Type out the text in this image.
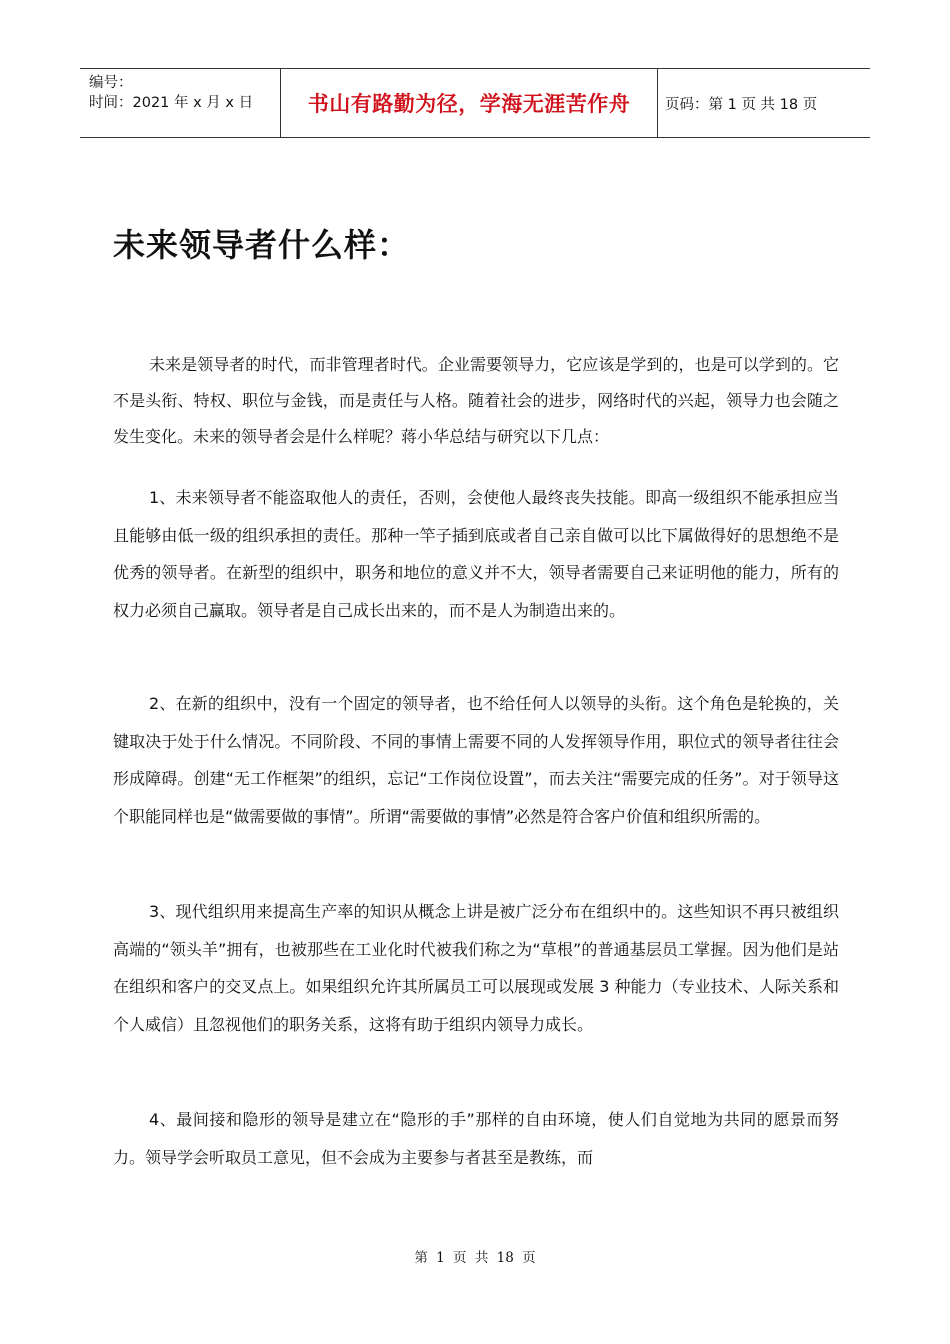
编号：
时间：2021 年 x 月 x 日	书山有路勤为径，学海无涯苦作舟	页码：第 1 页 共 18 页
未来领导者什么样：

未来是领导者的时代，而非管理者时代。企业需要领导力，它应该是学到的，也是可以学到的。它不是头衔、特权、职位与金钱，而是责任与人格。随着社会的进步，网络时代的兴起，领导力也会随之发生变化。未来的领导者会是什么样呢？蒋小华总结与研究以下几点：

1、未来领导者不能盗取他人的责任，否则，会使他人最终丧失技能。即高一级组织不能承担应当且能够由低一级的组织承担的责任。那种一竿子插到底或者自己亲自做可以比下属做得好的思想绝不是优秀的领导者。在新型的组织中，职务和地位的意义并不大，领导者需要自己来证明他的能力，所有的权力必须自己赢取。领导者是自己成长出来的，而不是人为制造出来的。

2、在新的组织中，没有一个固定的领导者，也不给任何人以领导的头衔。这个角色是轮换的，关键取决于处于什么情况。不同阶段、不同的事情上需要不同的人发挥领导作用，职位式的领导者往往会形成障碍。创建“无工作框架”的组织，忘记“工作岗位设置”，而去关注“需要完成的任务”。对于领导这个职能同样也是“做需要做的事情”。所谓“需要做的事情”必然是符合客户价值和组织所需的。

3、现代组织用来提高生产率的知识从概念上讲是被广泛分布在组织中的。这些知识不再只被组织高端的“领头羊”拥有，也被那些在工业化时代被我们称之为“草根”的普通基层员工掌握。因为他们是站在组织和客户的交叉点上。如果组织允许其所属员工可以展现或发展 3 种能力（专业技术、人际关系和个人威信）且忽视他们的职务关系，这将有助于组织内领导力成长。

4、最间接和隐形的领导是建立在“隐形的手”那样的自由环境，使人们自觉地为共同的愿景而努力。领导学会听取员工意见，但不会成为主要参与者甚至是教练，而

第 1 页 共 18 页
